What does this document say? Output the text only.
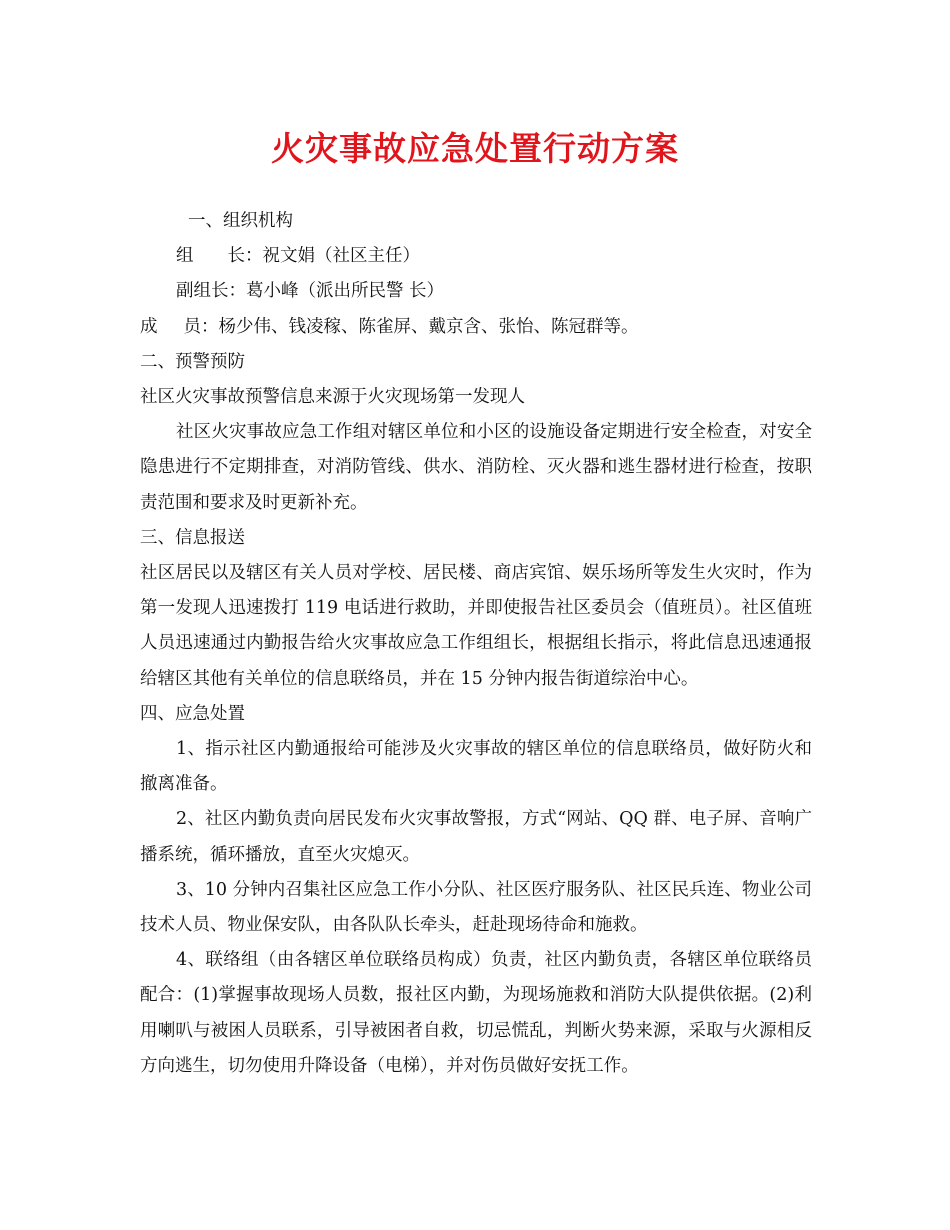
火灾事故应急处置行动方案
一、组织机构
组 长：祝文娟（社区主任）
副组长：葛小峰（派出所民警 长）
成 员：杨少伟、钱凌稼、陈雀屏、戴京含、张怡、陈冠群等。
二、预警预防
社区火灾事故预警信息来源于火灾现场第一发现人
社区火灾事故应急工作组对辖区单位和小区的设施设备定期进行安全检查，对安全隐患进行不定期排查，对消防管线、供水、消防栓、灭火器和逃生器材进行检查，按职责范围和要求及时更新补充。
三、信息报送
社区居民以及辖区有关人员对学校、居民楼、商店宾馆、娱乐场所等发生火灾时，作为第一发现人迅速拨打 119 电话进行救助，并即使报告社区委员会（值班员）。社区值班人员迅速通过内勤报告给火灾事故应急工作组组长，根据组长指示，将此信息迅速通报给辖区其他有关单位的信息联络员，并在 15 分钟内报告街道综治中心。
四、应急处置
1、指示社区内勤通报给可能涉及火灾事故的辖区单位的信息联络员，做好防火和撤离准备。
2、社区内勤负责向居民发布火灾事故警报，方式“网站、QQ 群、电子屏、音响广播系统，循环播放，直至火灾熄灭。
3、10 分钟内召集社区应急工作小分队、社区医疗服务队、社区民兵连、物业公司技术人员、物业保安队，由各队队长牵头，赶赴现场待命和施救。
4、联络组（由各辖区单位联络员构成）负责，社区内勤负责，各辖区单位联络员配合：(1)掌握事故现场人员数，报社区内勤，为现场施救和消防大队提供依据。(2)利用喇叭与被困人员联系，引导被困者自救，切忌慌乱，判断火势来源，采取与火源相反方向逃生，切勿使用升降设备（电梯），并对伤员做好安抚工作。
